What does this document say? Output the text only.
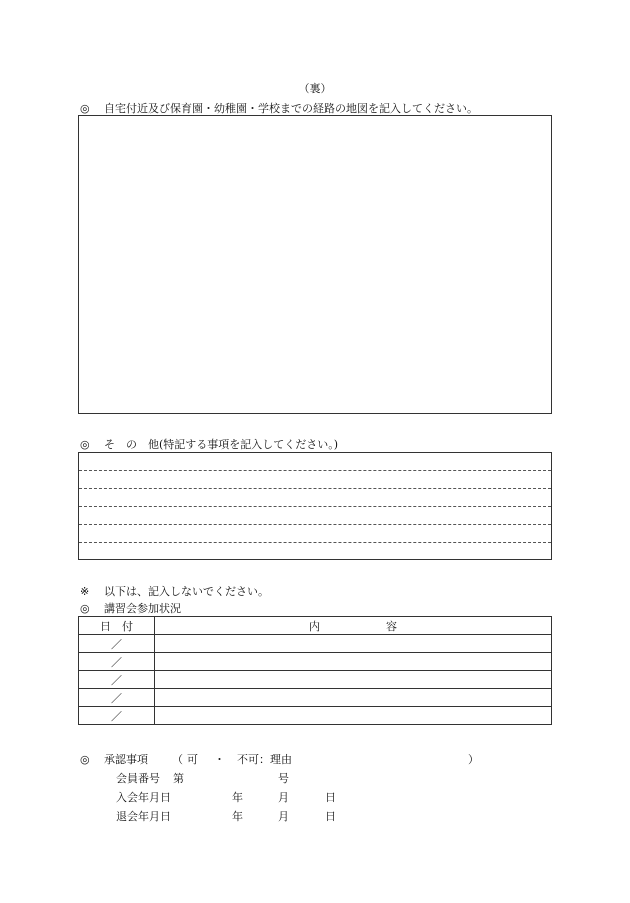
（裏）
◎ 自宅付近及び保育園・幼稚園・学校までの経路の地図を記入してください。
◎ そ　の　他(特記する事項を記入してください。)
※ 以下は、記入しないでください。
◎ 講習会参加状況
日　付	内　　　　　　容
／	
／	
／	
／	
／	
◎ 承認事項 （ 可 ・ 不可 ：理由	）
会員番号 第	号
入会年月日	年	月	日
退会年月日	年	月	日
